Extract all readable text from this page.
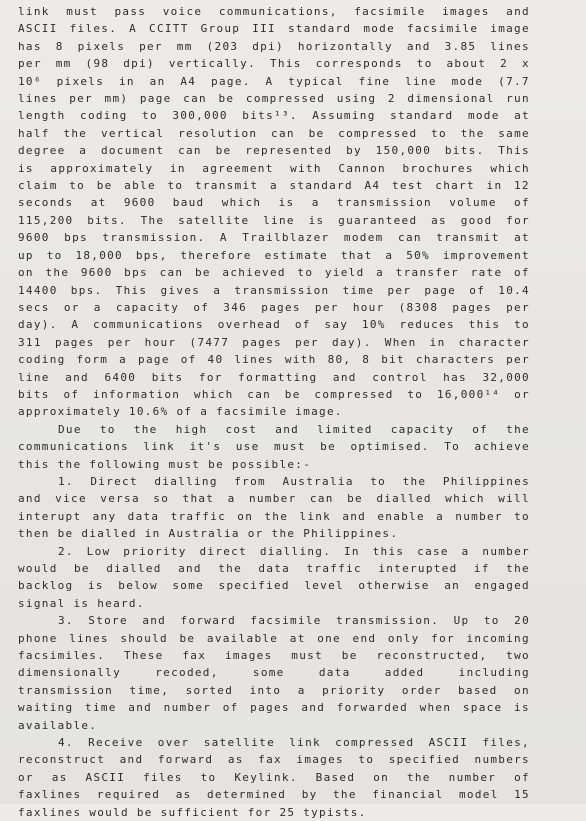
link must pass voice communications, facsimile images and
ASCII files. A CCITT Group III standard mode facsimile image
has 8 pixels per mm (203 dpi) horizontally and 3.85 lines
per mm (98 dpi) vertically. This corresponds to about 2 x
10⁶ pixels in an A4 page. A typical fine line mode (7.7
lines per mm) page can be compressed using 2 dimensional run
length coding to 300,000 bits¹³. Assuming standard mode at
half the vertical resolution can be compressed to the same
degree a document can be represented by 150,000 bits. This
is approximately in agreement with Cannon brochures which
claim to be able to transmit a standard A4 test chart in 12
seconds at 9600 baud which is a transmission volume of
115,200 bits. The satellite line is guaranteed as good for
9600 bps transmission. A Trailblazer modem can transmit at
up to 18,000 bps, therefore estimate that a 50% improvement
on the 9600 bps can be achieved to yield a transfer rate of
14400 bps. This gives a transmission time per page of 10.4
secs or a capacity of 346 pages per hour (8308 pages per
day). A communications overhead of say 10% reduces this to
311 pages per hour (7477 pages per day). When in character
coding form a page of 40 lines with 80, 8 bit characters per
line and 6400 bits for formatting and control has 32,000
bits of information which can be compressed to 16,000¹⁴ or
approximately 10.6% of a facsimile image.
Due to the high cost and limited capacity of the
communications link it's use must be optimised. To achieve
this the following must be possible:-
1. Direct dialling from Australia to the Philippines
and vice versa so that a number can be dialled which will
interupt any data traffic on the link and enable a number to
then be dialled in Australia or the Philippines.
2. Low priority direct dialling. In this case a number
would be dialled and the data traffic interupted if the
backlog is below some specified level otherwise an engaged
signal is heard.
3. Store and forward facsimile transmission. Up to 20
phone lines should be available at one end only for incoming
facsimiles. These fax images must be reconstructed, two
dimensionally	recoded,	some	data	added	including
transmission time, sorted into a priority order based on
waiting time and number of pages and forwarded when space is
available.
4. Receive over satellite link compressed ASCII files,
reconstruct and forward as fax images to specified numbers
or as ASCII files to Keylink. Based on the number of
faxlines required as determined by the financial model 15
faxlines would be sufficient for 25 typists.
